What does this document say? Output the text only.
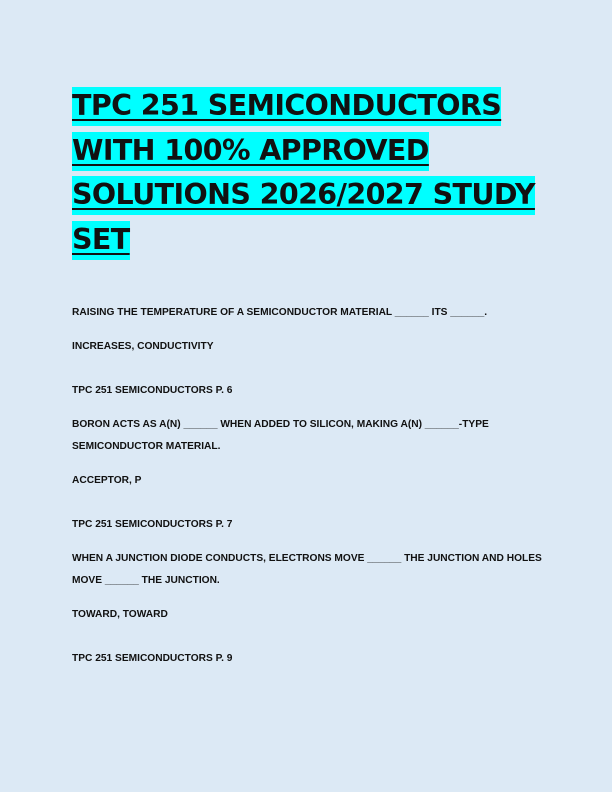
TPC 251 SEMICONDUCTORS WITH 100% APPROVED SOLUTIONS 2026/2027 STUDY SET

RAISING THE TEMPERATURE OF A SEMICONDUCTOR MATERIAL ______ ITS ______.

INCREASES, CONDUCTIVITY

TPC 251 SEMICONDUCTORS P. 6

BORON ACTS AS A(N) ______ WHEN ADDED TO SILICON, MAKING A(N) ______-TYPE SEMICONDUCTOR MATERIAL.

ACCEPTOR, P

TPC 251 SEMICONDUCTORS P. 7

WHEN A JUNCTION DIODE CONDUCTS, ELECTRONS MOVE ______ THE JUNCTION AND HOLES MOVE ______ THE JUNCTION.

TOWARD, TOWARD

TPC 251 SEMICONDUCTORS P. 9
